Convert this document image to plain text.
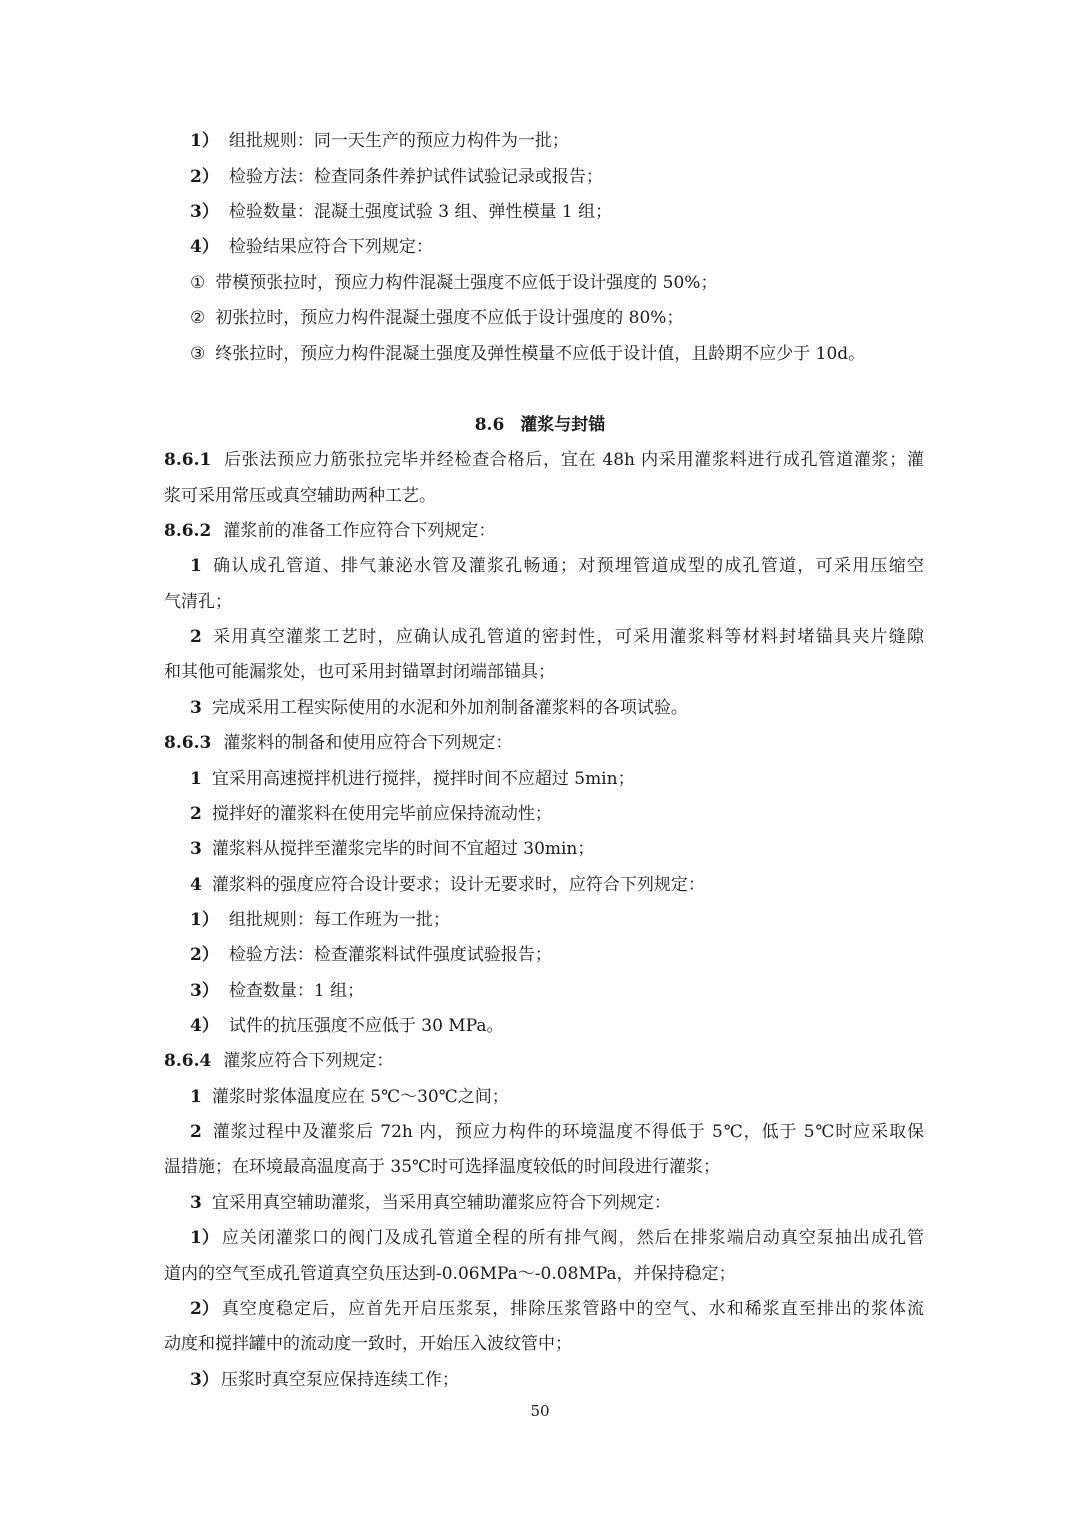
1） 组批规则：同一天生产的预应力构件为一批；
2） 检验方法：检查同条件养护试件试验记录或报告；
3） 检验数量：混凝土强度试验 3 组、弹性模量 1 组；
4） 检验结果应符合下列规定：
① 带模预张拉时，预应力构件混凝土强度不应低于设计强度的 50%；
② 初张拉时，预应力构件混凝土强度不应低于设计强度的 80%；
③ 终张拉时，预应力构件混凝土强度及弹性模量不应低于设计值，且龄期不应少于 10d。
8.6 灌浆与封锚
8.6.1 后张法预应力筋张拉完毕并经检查合格后，宜在 48h 内采用灌浆料进行成孔管道灌浆；灌
浆可采用常压或真空辅助两种工艺。
8.6.2 灌浆前的准备工作应符合下列规定：
1 确认成孔管道、排气兼泌水管及灌浆孔畅通；对预埋管道成型的成孔管道，可采用压缩空
气清孔；
2 采用真空灌浆工艺时，应确认成孔管道的密封性，可采用灌浆料等材料封堵锚具夹片缝隙
和其他可能漏浆处，也可采用封锚罩封闭端部锚具；
3 完成采用工程实际使用的水泥和外加剂制备灌浆料的各项试验。
8.6.3 灌浆料的制备和使用应符合下列规定：
1 宜采用高速搅拌机进行搅拌，搅拌时间不应超过 5min；
2 搅拌好的灌浆料在使用完毕前应保持流动性；
3 灌浆料从搅拌至灌浆完毕的时间不宜超过 30min；
4 灌浆料的强度应符合设计要求；设计无要求时，应符合下列规定：
1） 组批规则：每工作班为一批；
2） 检验方法：检查灌浆料试件强度试验报告；
3） 检查数量：1 组；
4） 试件的抗压强度不应低于 30 MPa。
8.6.4 灌浆应符合下列规定：
1 灌浆时浆体温度应在 5℃～30℃之间；
2 灌浆过程中及灌浆后 72h 内，预应力构件的环境温度不得低于 5℃，低于 5℃时应采取保
温措施；在环境最高温度高于 35℃时可选择温度较低的时间段进行灌浆；
3 宜采用真空辅助灌浆，当采用真空辅助灌浆应符合下列规定：
1） 应关闭灌浆口的阀门及成孔管道全程的所有排气阀，然后在排浆端启动真空泵抽出成孔管
道内的空气至成孔管道真空负压达到-0.06MPa～-0.08MPa，并保持稳定；
2） 真空度稳定后，应首先开启压浆泵，排除压浆管路中的空气、水和稀浆直至排出的浆体流
动度和搅拌罐中的流动度一致时，开始压入波纹管中；
3） 压浆时真空泵应保持连续工作；
50
